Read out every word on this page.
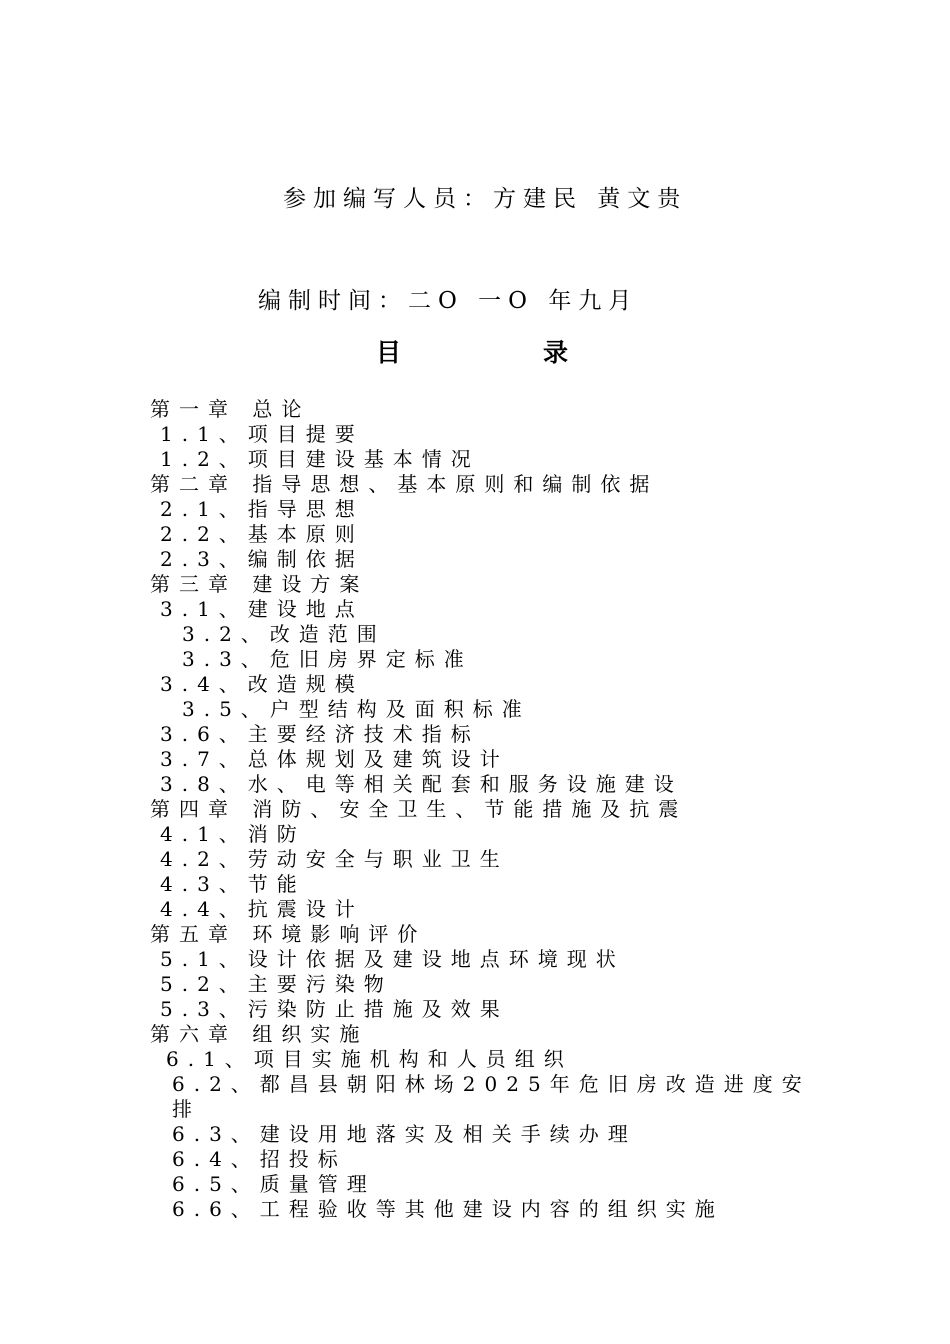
参加编写人员：方建民 黄文贵
编制时间：二O 一O 年九月
目	录
第一章 总论
1.1、项目提要
1.2、项目建设基本情况
第二章 指导思想、基本原则和编制依据
2.1、指导思想
2.2、基本原则
2.3、编制依据
第三章 建设方案
3.1、建设地点
3.2、改造范围
3.3、危旧房界定标准
3.4、改造规模
3.5、户型结构及面积标准
3.6、主要经济技术指标
3.7、总体规划及建筑设计
3.8、水、电等相关配套和服务设施建设
第四章 消防、安全卫生、节能措施及抗震
4.1、消防
4.2、劳动安全与职业卫生
4.3、节能
4.4、抗震设计
第五章 环境影响评价
5.1、设计依据及建设地点环境现状
5.2、主要污染物
5.3、污染防止措施及效果
第六章 组织实施
6.1、项目实施机构和人员组织
6.2、都昌县朝阳林场2025年危旧房改造进度安排
6.3、建设用地落实及相关手续办理
6.4、招投标
6.5、质量管理
6.6、工程验收等其他建设内容的组织实施
